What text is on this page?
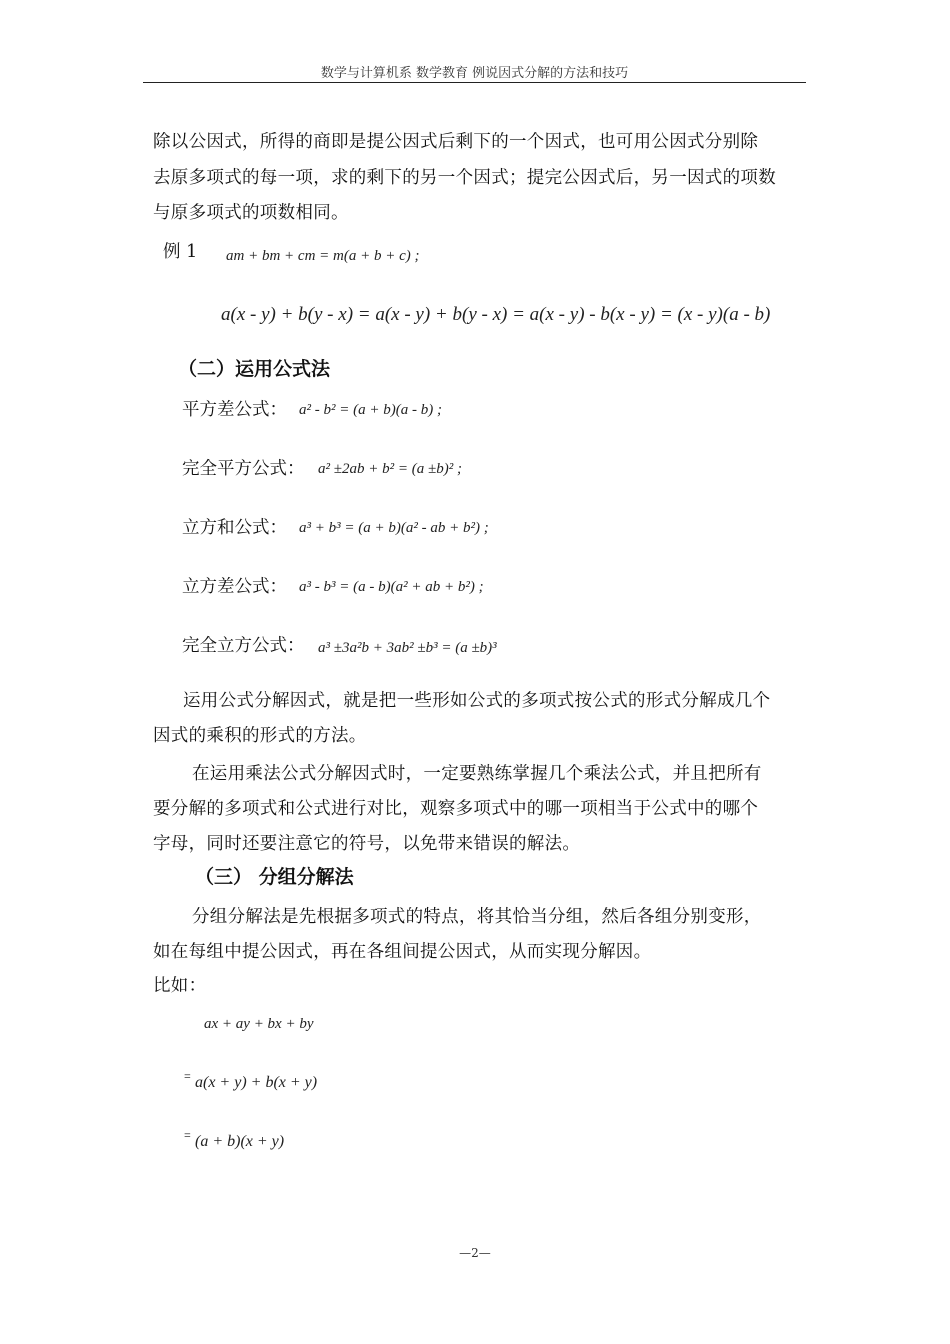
数学与计算机系 数学教育 例说因式分解的方法和技巧
除以公因式，所得的商即是提公因式后剩下的一个因式，也可用公因式分别除
去原多项式的每一项，求的剩下的另一个因式；提完公因式后，另一因式的项数
与原多项式的项数相同。
例 1 am + bm + cm = m(a + b + c) ;
a(x - y) + b(y - x) = a(x - y) + b(y - x) = a(x - y) - b(x - y) = (x - y)(a - b)
（二）运用公式法
平方差公式： a² - b² = (a + b)(a - b) ;
完全平方公式： a² ±2ab + b² = (a ±b)² ;
立方和公式： a³ + b³ = (a + b)(a² - ab + b²) ;
立方差公式： a³ - b³ = (a - b)(a² + ab + b²) ;
完全立方公式： a³ ±3a²b + 3ab² ±b³ = (a ±b)³
运用公式分解因式，就是把一些形如公式的多项式按公式的形式分解成几个
因式的乘积的形式的方法。
在运用乘法公式分解因式时，一定要熟练掌握几个乘法公式，并且把所有
要分解的多项式和公式进行对比，观察多项式中的哪一项相当于公式中的哪个
字母，同时还要注意它的符号，以免带来错误的解法。
（三） 分组分解法
分组分解法是先根据多项式的特点，将其恰当分组，然后各组分别变形，
如在每组中提公因式，再在各组间提公因式，从而实现分解因。
比如：
ax + ay + bx + by
= a(x + y) + b(x + y)
= (a + b)(x + y)
—2—
